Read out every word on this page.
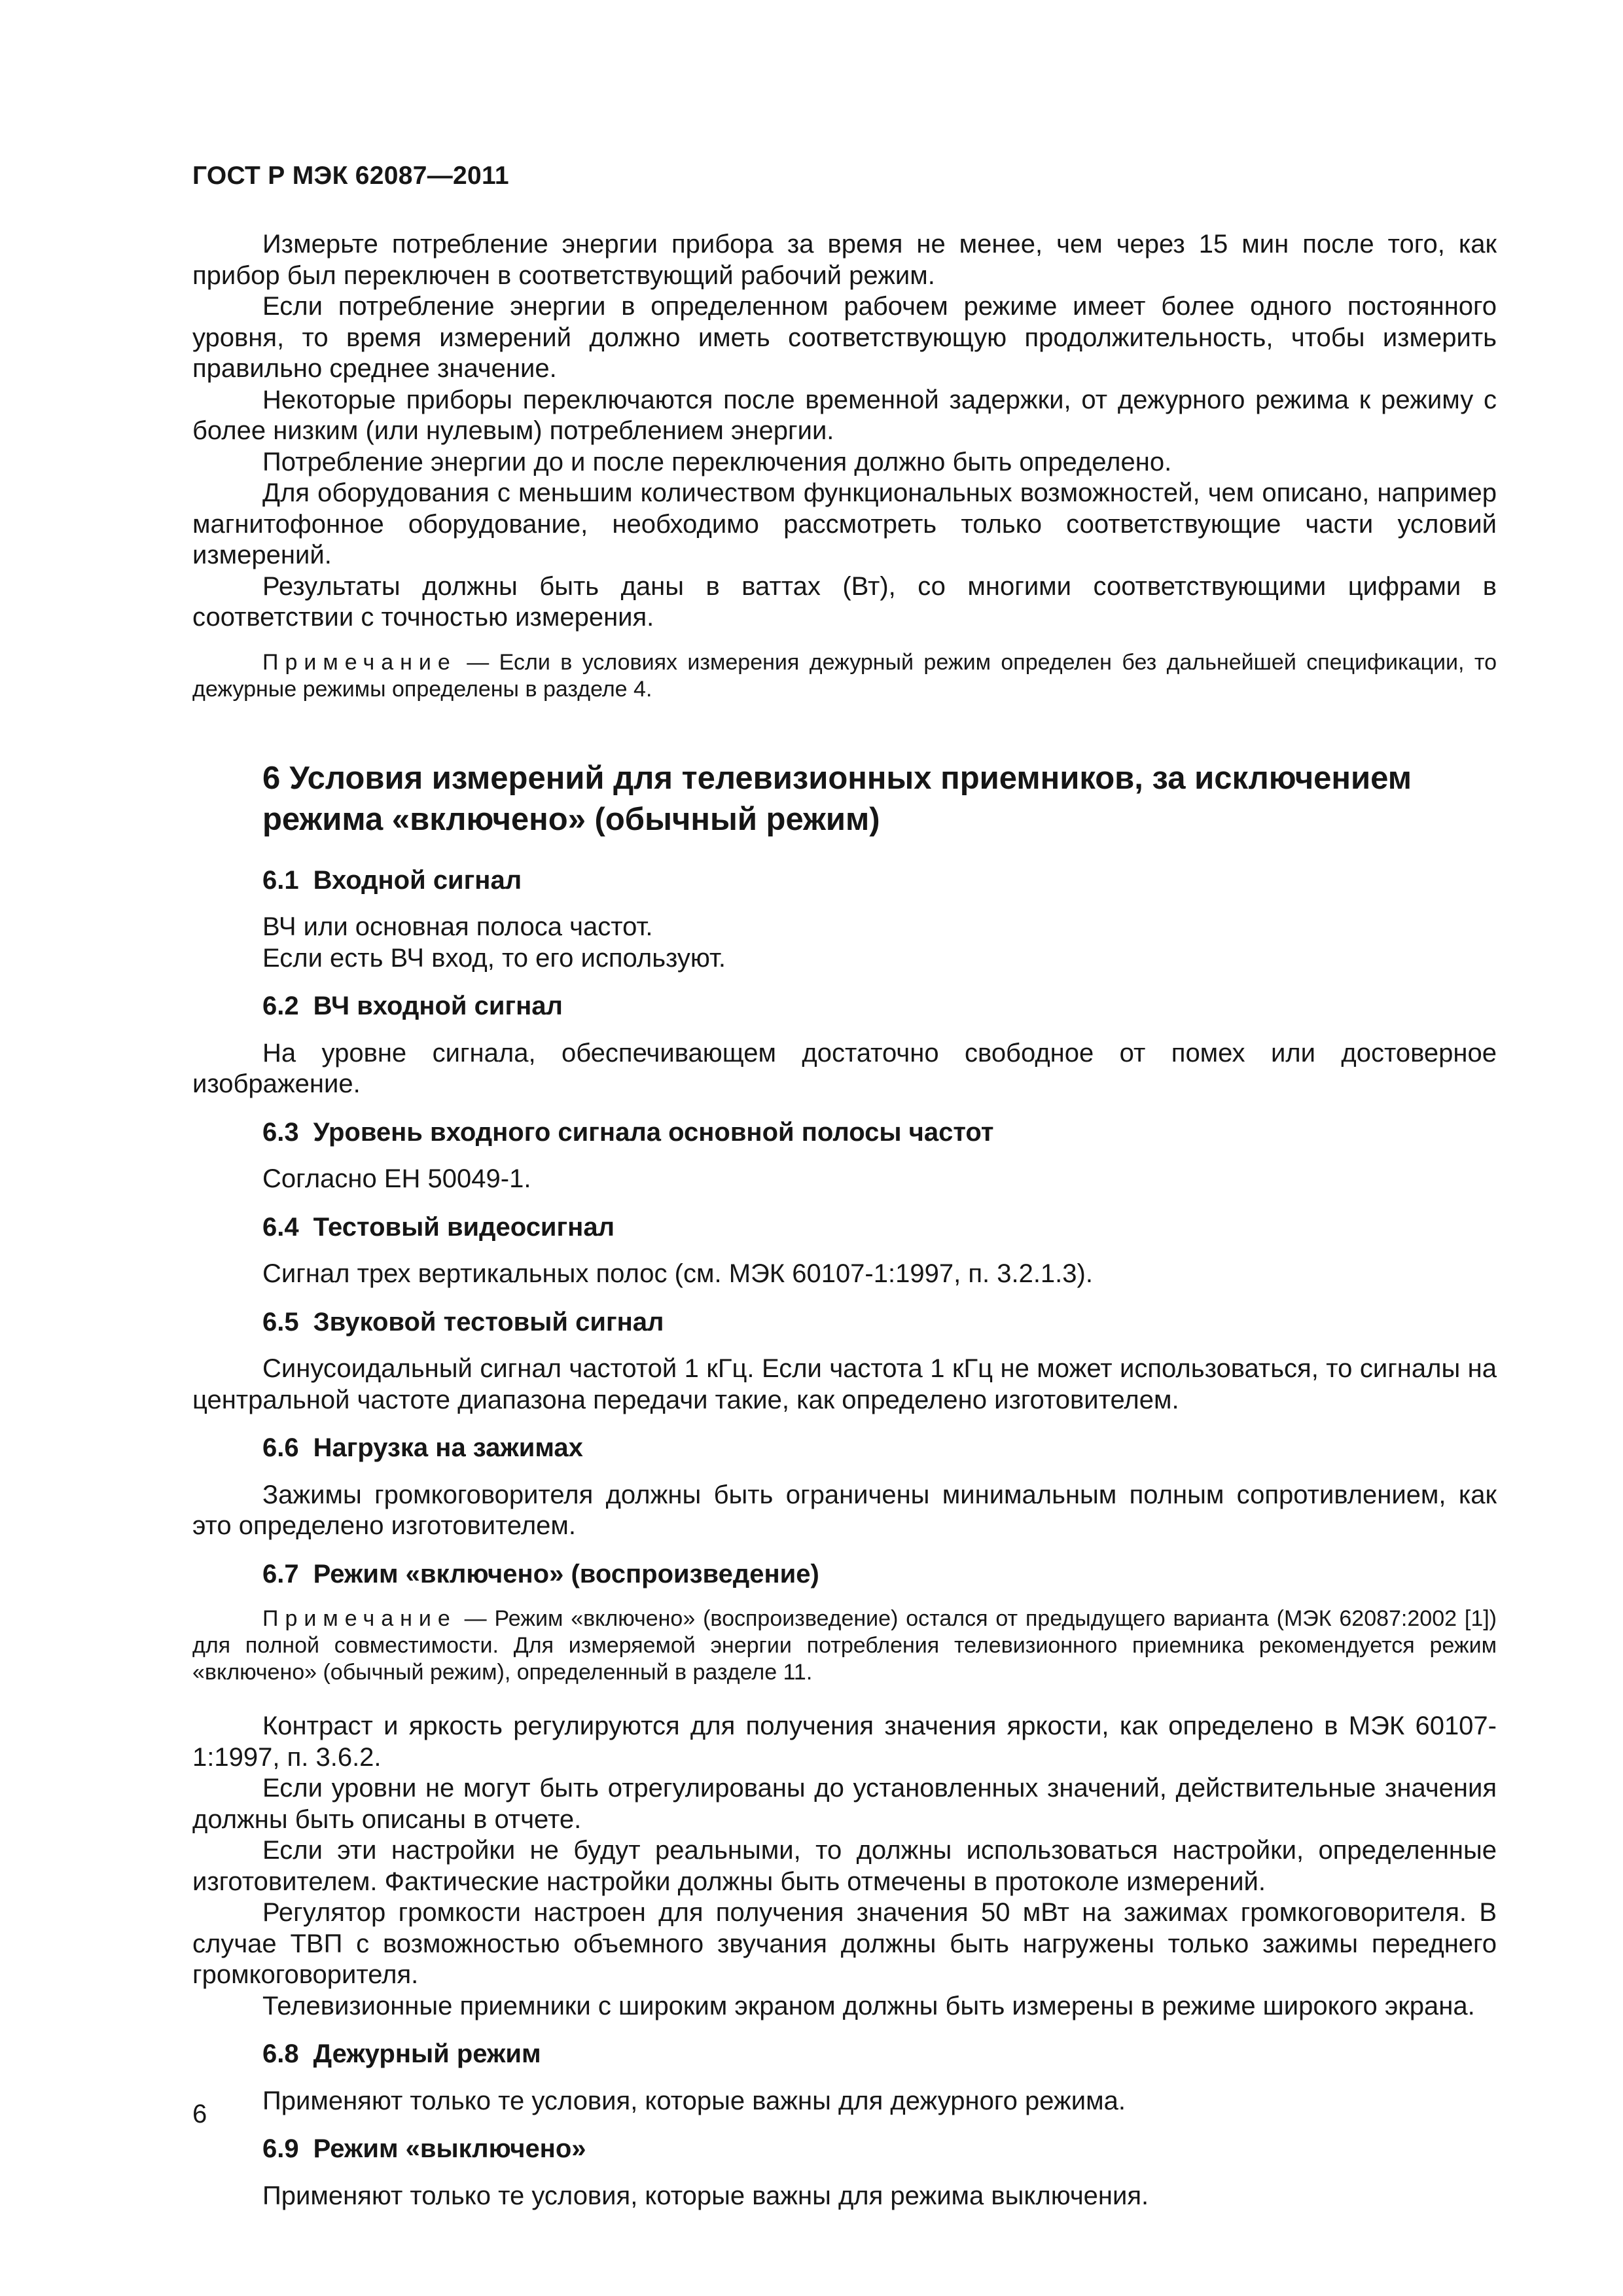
ГОСТ Р МЭК 62087—2011

Измерьте потребление энергии прибора за время не менее, чем через 15 мин после того, как прибор был переключен в соответствующий рабочий режим.

Если потребление энергии в определенном рабочем режиме имеет более одного постоянного уровня, то время измерений должно иметь соответствующую продолжительность, чтобы измерить правильно среднее значение.

Некоторые приборы переключаются после временной задержки, от дежурного режима к режиму с более низким (или нулевым) потреблением энергии.

Потребление энергии до и после переключения должно быть определено.

Для оборудования с меньшим количеством функциональных возможностей, чем описано, например магнитофонное оборудование, необходимо рассмотреть только соответствующие части условий измерений.

Результаты должны быть даны в ваттах (Вт), со многими соответствующими цифрами в соответствии с точностью измерения.

Примечание — Если в условиях измерения дежурный режим определен без дальнейшей спецификации, то дежурные режимы определены в разделе 4.

6 Условия измерений для телевизионных приемников, за исключением режима «включено» (обычный режим)
6.1 Входной сигнал

ВЧ или основная полоса частот.

Если есть ВЧ вход, то его используют.

6.2 ВЧ входной сигнал

На уровне сигнала, обеспечивающем достаточно свободное от помех или достоверное изображение.

6.3 Уровень входного сигнала основной полосы частот

Согласно ЕН 50049-1.

6.4 Тестовый видеосигнал

Сигнал трех вертикальных полос (см. МЭК 60107-1:1997, п. 3.2.1.3).

6.5 Звуковой тестовый сигнал

Синусоидальный сигнал частотой 1 кГц. Если частота 1 кГц не может использоваться, то сигналы на центральной частоте диапазона передачи такие, как определено изготовителем.

6.6 Нагрузка на зажимах

Зажимы громкоговорителя должны быть ограничены минимальным полным сопротивлением, как это определено изготовителем.

6.7 Режим «включено» (воспроизведение)

Примечание — Режим «включено» (воспроизведение) остался от предыдущего варианта (МЭК 62087:2002 [1]) для полной совместимости. Для измеряемой энергии потребления телевизионного приемника рекомендуется режим «включено» (обычный режим), определенный в разделе 11.

Контраст и яркость регулируются для получения значения яркости, как определено в МЭК 60107-1:1997, п. 3.6.2.

Если уровни не могут быть отрегулированы до установленных значений, действительные значения должны быть описаны в отчете.

Если эти настройки не будут реальными, то должны использоваться настройки, определенные изготовителем. Фактические настройки должны быть отмечены в протоколе измерений.

Регулятор громкости настроен для получения значения 50 мВт на зажимах громкоговорителя. В случае ТВП с возможностью объемного звучания должны быть нагружены только зажимы переднего громкоговорителя.

Телевизионные приемники с широким экраном должны быть измерены в режиме широкого экрана.

6.8 Дежурный режим

Применяют только те условия, которые важны для дежурного режима.

6.9 Режим «выключено»

Применяют только те условия, которые важны для режима выключения.

6
